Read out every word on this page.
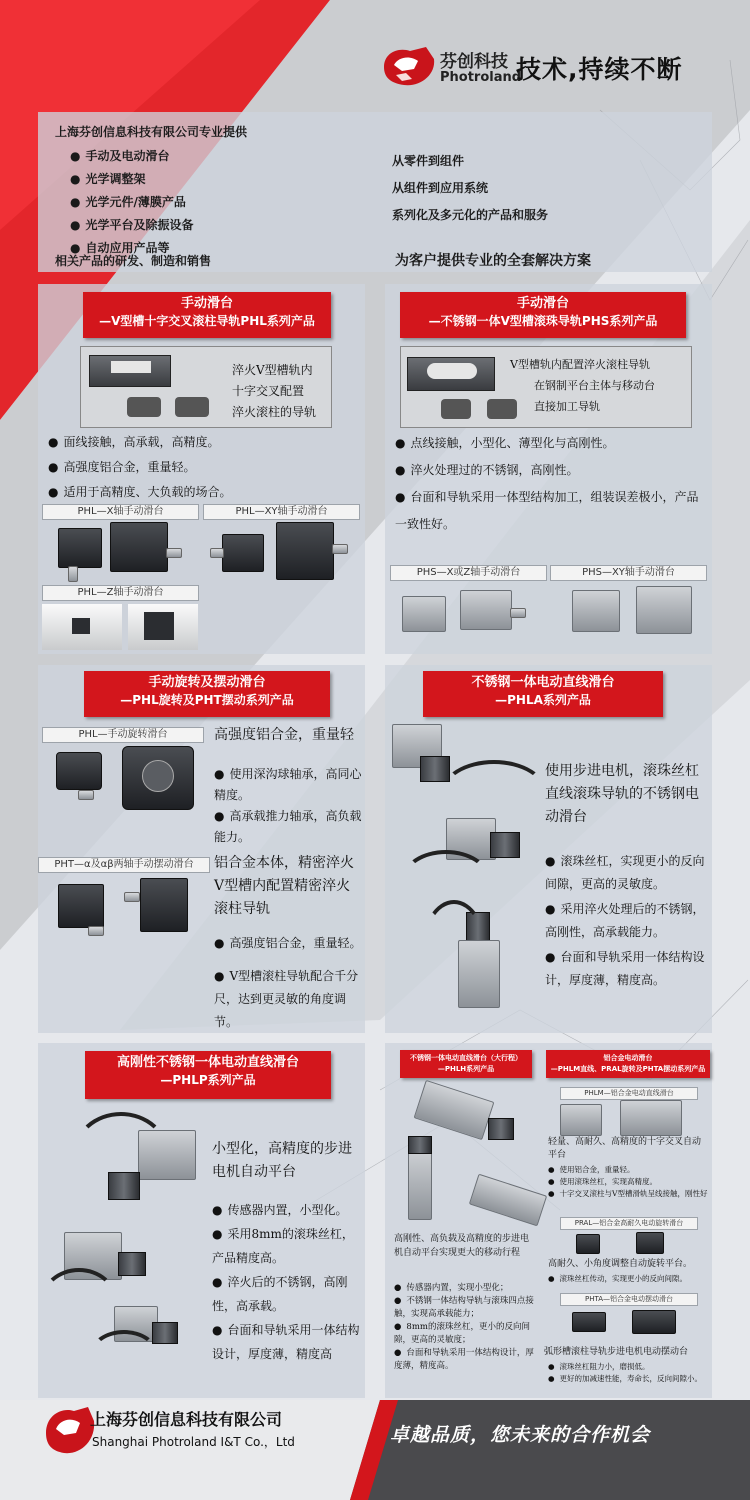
芬创科技
Photroland
技术,持续不断
上海芬创信息科技有限公司专业提供
● 手动及电动滑台
● 光学调整架
● 光学元件/薄膜产品
● 光学平台及除振设备
● 自动应用产品等
相关产品的研发、制造和销售
从零件到组件
从组件到应用系统
系列化及多元化的产品和服务
为客户提供专业的全套解决方案
手动滑台
—V型槽十字交叉滚柱导轨PHL系列产品
淬火V型槽轨内
十字交叉配置
淬火滚柱的导轨
● 面线接触，高承载，高精度。
● 高强度铝合金，重量轻。
● 适用于高精度、大负载的场合。
PHL—X轴手动滑台	PHL—XY轴手动滑台
PHL—Z轴手动滑台
手动滑台
—不锈钢一体V型槽滚珠导轨PHS系列产品
V型槽轨内配置淬火滚柱导轨
在钢制平台主体与移动台
直接加工导轨
● 点线接触，小型化、薄型化与高刚性。
● 淬火处理过的不锈钢，高刚性。
● 台面和导轨采用一体型结构加工，组装误差极小，产品一致性好。
PHS—X或Z轴手动滑台	PHS—XY轴手动滑台
手动旋转及摆动滑台
—PHL旋转及PHT摆动系列产品
PHL—手动旋转滑台	高强度铝合金，重量轻
● 使用深沟球轴承，高同心精度。
● 高承载推力轴承，高负载能力。
PHT—α及αβ两轴手动摆动滑台	铝合金本体，精密淬火V型槽内配置精密淬火滚柱导轨
● 高强度铝合金，重量轻。
● V型槽滚柱导轨配合千分尺，达到更灵敏的角度调节。
不锈钢一体电动直线滑台
—PHLA系列产品
使用步进电机，滚珠丝杠直线滚珠导轨的不锈钢电动滑台
● 滚珠丝杠，实现更小的反向间隙，更高的灵敏度。
● 采用淬火处理后的不锈钢，高刚性，高承载能力。
● 台面和导轨采用一体结构设计，厚度薄，精度高。
高刚性不锈钢一体电动直线滑台
—PHLP系列产品
小型化，高精度的步进电机自动平台
● 传感器内置，小型化。
● 采用8mm的滚珠丝杠，产品精度高。
● 淬火后的不锈钢，高刚性，高承载。
● 台面和导轨采用一体结构设计，厚度薄，精度高
不锈钢一体电动直线滑台（大行程）
—PHLH系列产品
铝合金电动滑台
—PHLM直线、PRAL旋转及PHTA摆动系列产品
高刚性、高负载及高精度的步进电机自动平台实现更大的移动行程
● 传感器内置，实现小型化；
● 不锈钢一体结构导轨与滚珠四点接触，实现高承载能力；
● 8mm的滚珠丝杠，更小的反向间隙，更高的灵敏度；
● 台面和导轨采用一体结构设计，厚度薄，精度高。
PHLM—铝合金电动直线滑台
轻量、高耐久、高精度的十字交叉自动平台
● 使用铝合金，重量轻。
● 使用滚珠丝杠，实现高精度。
● 十字交叉滚柱与V型槽滑轨呈线接触，刚性好
PRAL—铝合金高耐久电动旋转滑台
高耐久、小角度调整自动旋转平台。
● 滚珠丝杠传动，实现更小的反向间隙。
PHTA—铝合金电动摆动滑台
弧形槽滚柱导轨步进电机电动摆动台
● 滚珠丝杠阻力小，磨损低。
● 更好的加减速性能，寿命长，反向间隙小。
上海芬创信息科技有限公司
Shanghai Photroland I&T Co.，Ltd	卓越品质，您未来的合作机会
